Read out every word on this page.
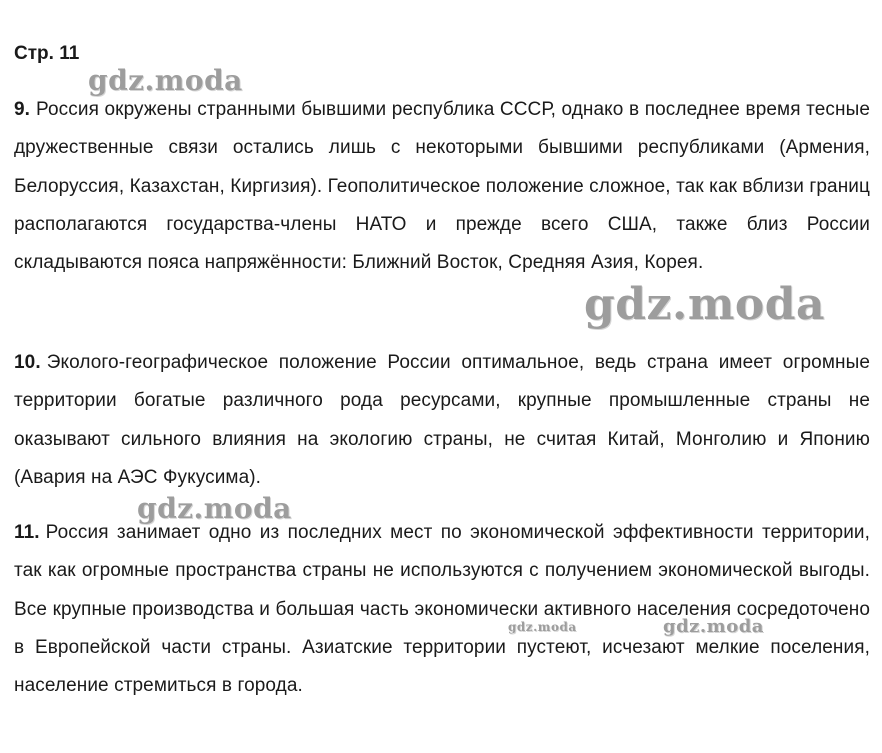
Стр. 11
9. Россия окружены странными бывшими республика СССР, однако в последнее время тесные дружественные связи остались лишь с некоторыми бывшими республиками (Армения, Белоруссия, Казахстан, Киргизия). Геополитическое положение сложное, так как вблизи границ располагаются государства-члены НАТО и прежде всего США, также близ России складываются пояса напряжённости: Ближний Восток, Средняя Азия, Корея.
10. Эколого-географическое положение России оптимальное, ведь страна имеет огромные территории богатые различного рода ресурсами, крупные промышленные страны не оказывают сильного влияния на экологию страны, не считая Китай, Монголию и Японию (Авария на АЭС Фукусима).
11. Россия занимает одно из последних мест по экономической эффективности территории, так как огромные пространства страны не используются с получением экономической выгоды. Все крупные производства и большая часть экономически активного населения сосредоточено в Европейской части страны. Азиатские территории пустеют, исчезают мелкие поселения, население стремиться в города.
gdz.moda
gdz.moda
gdz.moda
gdz.moda	gdz.moda
